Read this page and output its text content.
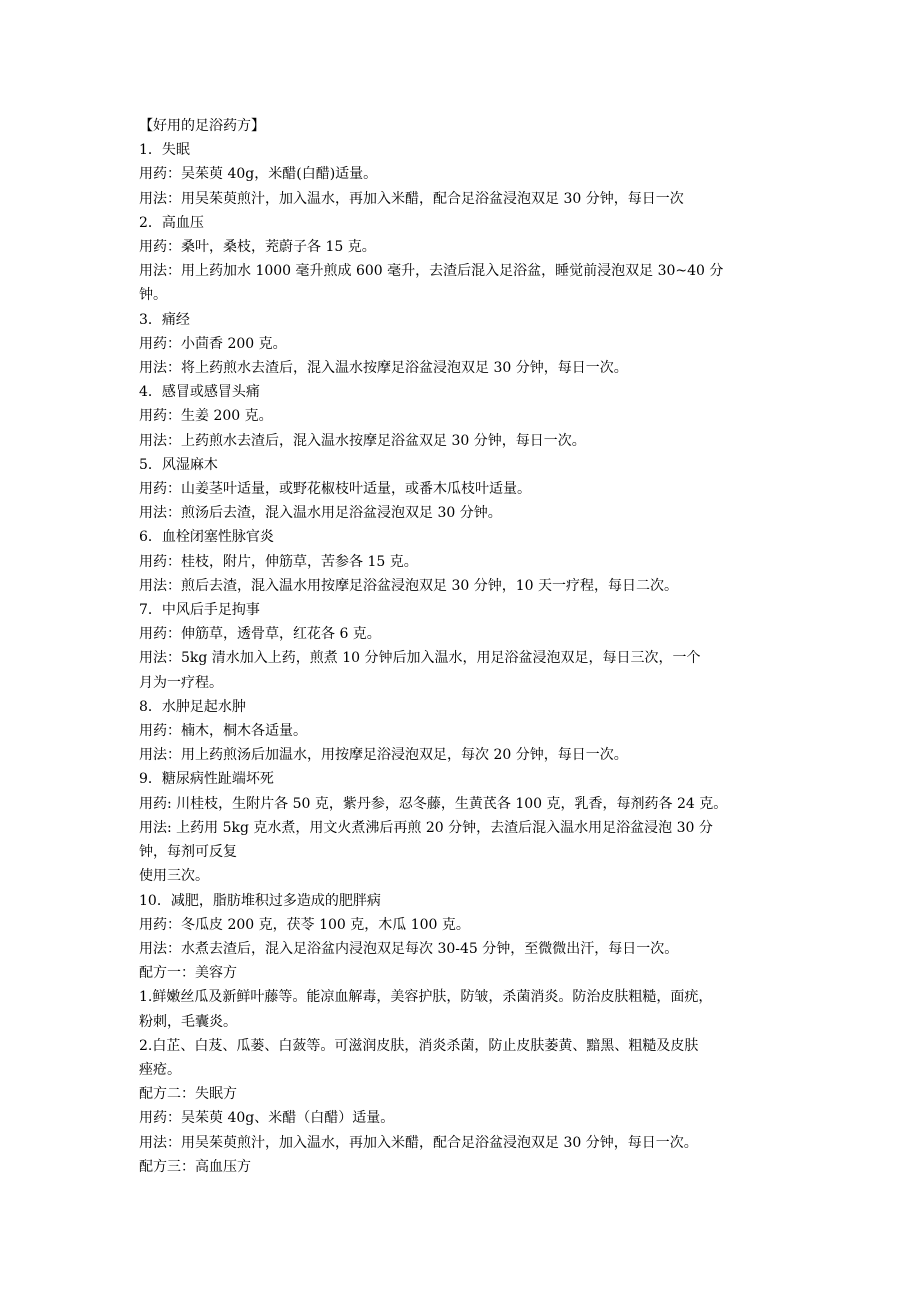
【好用的足浴药方】

1．失眠

用药：吴茱萸 40g，米醋(白醋)适量。

用法：用吴茱萸煎汁，加入温水，再加入米醋，配合足浴盆浸泡双足 30 分钟，每日一次

2．高血压

用药：桑叶，桑枝，茺蔚子各 15 克。

用法：用上药加水 1000 毫升煎成 600 毫升，去渣后混入足浴盆，睡觉前浸泡双足 30~40 分

钟。

3．痛经

用药：小茴香 200 克。

用法：将上药煎水去渣后，混入温水按摩足浴盆浸泡双足 30 分钟，每日一次。

4．感冒或感冒头痛

用药：生姜 200 克。

用法：上药煎水去渣后，混入温水按摩足浴盆双足 30 分钟，每日一次。

5．风湿麻木

用药：山姜茎叶适量，或野花椒枝叶适量，或番木瓜枝叶适量。

用法：煎汤后去渣，混入温水用足浴盆浸泡双足 30 分钟。

6．血栓闭塞性脉官炎

用药：桂枝，附片，伸筋草，苦参各 15 克。

用法：煎后去渣，混入温水用按摩足浴盆浸泡双足 30 分钟，10 天一疗程，每日二次。

7．中风后手足拘事

用药：伸筋草，透骨草，红花各 6 克。

用法：5kg 清水加入上药，煎煮 10 分钟后加入温水，用足浴盆浸泡双足，每日三次，一个

月为一疗程。

8．水肿足起水肿

用药：楠木，桐木各适量。

用法：用上药煎汤后加温水，用按摩足浴浸泡双足，每次 20 分钟，每日一次。

9．糖尿病性趾端坏死

用药: 川桂枝，生附片各 50 克，紫丹参，忍冬藤，生黄芪各 100 克，乳香，每剂药各 24 克。

用法: 上药用 5kg 克水煮，用文火煮沸后再煎 20 分钟，去渣后混入温水用足浴盆浸泡 30 分

钟，每剂可反复

使用三次。

10．减肥，脂肪堆积过多造成的肥胖病

用药：冬瓜皮 200 克，茯苓 100 克，木瓜 100 克。

用法：水煮去渣后，混入足浴盆内浸泡双足每次 30-45 分钟，至微微出汗，每日一次。

配方一：美容方

1.鲜嫩丝瓜及新鲜叶藤等。能凉血解毒，美容护肤，防皱，杀菌消炎。防治皮肤粗糙，面疣，

粉刺，毛囊炎。

2.白芷、白芨、瓜蒌、白蔹等。可滋润皮肤，消炎杀菌，防止皮肤萎黄、黯黑、粗糙及皮肤

痤疮。

配方二：失眠方

用药：吴茱萸 40g、米醋（白醋）适量。

用法：用吴茱萸煎汁，加入温水，再加入米醋，配合足浴盆浸泡双足 30 分钟，每日一次。

配方三：高血压方
